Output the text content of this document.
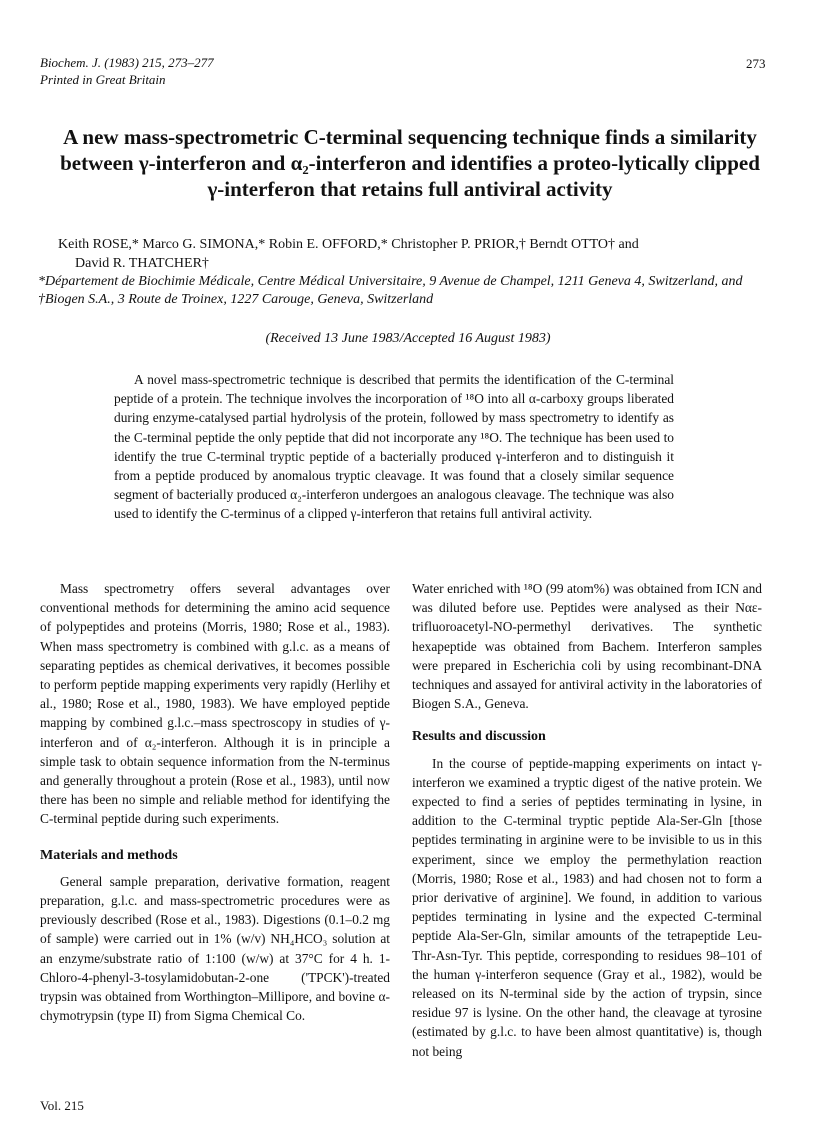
Biochem. J. (1983) 215, 273–277
Printed in Great Britain
273
A new mass-spectrometric C-terminal sequencing technique finds a similarity between γ-interferon and α₂-interferon and identifies a proteo-lytically clipped γ-interferon that retains full antiviral activity
Keith ROSE,* Marco G. SIMONA,* Robin E. OFFORD,* Christopher P. PRIOR,† Berndt OTTO† and
David R. THATCHER†
*Département de Biochimie Médicale, Centre Médical Universitaire, 9 Avenue de Champel, 1211 Geneva 4, Switzerland, and †Biogen S.A., 3 Route de Troinex, 1227 Carouge, Geneva, Switzerland
(Received 13 June 1983/Accepted 16 August 1983)
A novel mass-spectrometric technique is described that permits the identification of the C-terminal peptide of a protein. The technique involves the incorporation of ¹⁸O into all α-carboxy groups liberated during enzyme-catalysed partial hydrolysis of the protein, followed by mass spectrometry to identify as the C-terminal peptide the only peptide that did not incorporate any ¹⁸O. The technique has been used to identify the true C-terminal tryptic peptide of a bacterially produced γ-interferon and to distinguish it from a peptide produced by anomalous tryptic cleavage. It was found that a closely similar sequence segment of bacterially produced α₂-interferon undergoes an analogous cleavage. The technique was also used to identify the C-terminus of a clipped γ-interferon that retains full antiviral activity.

Mass spectrometry offers several advantages over conventional methods for determining the amino acid sequence of polypeptides and proteins (Morris, 1980; Rose et al., 1983). When mass spectrometry is combined with g.l.c. as a means of separating peptides as chemical derivatives, it becomes possible to perform peptide mapping experiments very rapidly (Herlihy et al., 1980; Rose et al., 1980, 1983). We have employed peptide mapping by combined g.l.c.–mass spectroscopy in studies of γ-interferon and of α₂-interferon. Although it is in principle a simple task to obtain sequence information from the N-terminus and generally throughout a protein (Rose et al., 1983), until now there has been no simple and reliable method for identifying the C-terminal peptide during such experiments.

Materials and methods

General sample preparation, derivative formation, reagent preparation, g.l.c. and mass-spectrometric procedures were as previously described (Rose et al., 1983). Digestions (0.1–0.2 mg of sample) were carried out in 1% (w/v) NH₄HCO₃ solution at an enzyme/substrate ratio of 1:100 (w/w) at 37°C for 4 h. 1-Chloro-4-phenyl-3-tosylamidobutan-2-one ('TPCK')-treated trypsin was obtained from Worthington–Millipore, and bovine α-chymotrypsin (type II) from Sigma Chemical Co.

Water enriched with ¹⁸O (99 atom%) was obtained from ICN and was diluted before use. Peptides were analysed as their Nαε-trifluoroacetyl-NO-permethyl derivatives. The synthetic hexapeptide was obtained from Bachem. Interferon samples were prepared in Escherichia coli by using recombinant-DNA techniques and assayed for antiviral activity in the laboratories of Biogen S.A., Geneva.

Results and discussion

In the course of peptide-mapping experiments on intact γ-interferon we examined a tryptic digest of the native protein. We expected to find a series of peptides terminating in lysine, in addition to the C-terminal tryptic peptide Ala-Ser-Gln [those peptides terminating in arginine were to be invisible to us in this experiment, since we employ the permethylation reaction (Morris, 1980; Rose et al., 1983) and had chosen not to form a prior derivative of arginine]. We found, in addition to various peptides terminating in lysine and the expected C-terminal peptide Ala-Ser-Gln, similar amounts of the tetrapeptide Leu-Thr-Asn-Tyr. This peptide, corresponding to residues 98–101 of the human γ-interferon sequence (Gray et al., 1982), would be released on its N-terminal side by the action of trypsin, since residue 97 is lysine. On the other hand, the cleavage at tyrosine (estimated by g.l.c. to have been almost quantitative) is, though not being

Vol. 215
